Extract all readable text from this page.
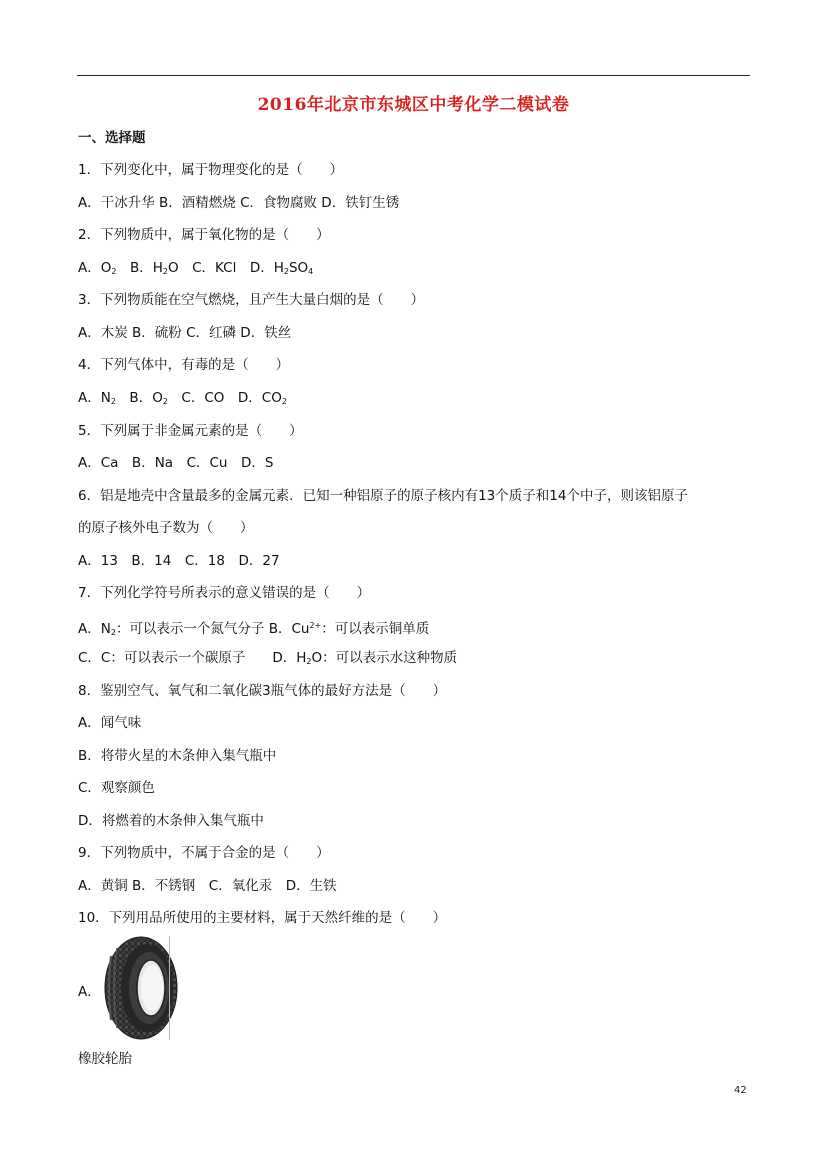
2016年北京市东城区中考化学二模试卷
一、选择题
1．下列变化中，属于物理变化的是（　　）
A．干冰升华 B．酒精燃烧 C．食物腐败 D．铁钉生锈
2．下列物质中，属于氧化物的是（　　）
A．$O_2$　B．$H_2O$　C．KCl　D．$H_2SO_4$
3．下列物质能在空气燃烧，且产生大量白烟的是（　　）
A．木炭 B．硫粉 C．红磷 D．铁丝
4．下列气体中，有毒的是（　　）
A．$N_2$　B．$O_2$　C．CO　D．$CO_2$
5．下列属于非金属元素的是（　　）
A．Ca　B．Na　C．Cu　D．S
6．铝是地壳中含量最多的金属元素．已知一种铝原子的原子核内有13个质子和14个中子，则该铝原子
的原子核外电子数为（　　）
A．13　B．14　C．18　D．27
7．下列化学符号所表示的意义错误的是（　　）
A．$N_2$：可以表示一个氮气分子 B．$Cu^{2+}$：可以表示铜单质
C．C：可以表示一个碳原子　　D．$H_2O$：可以表示水这种物质
8．鉴别空气、氧气和二氧化碳3瓶气体的最好方法是（　　）
A．闻气味
B．将带火星的木条伸入集气瓶中
C．观察颜色
D．将燃着的木条伸入集气瓶中
9．下列物质中，不属于合金的是（　　）
A．黄铜 B．不锈钢　C．氧化汞　D．生铁
10．下列用品所使用的主要材料，属于天然纤维的是（　　）
A．
橡胶轮胎
42
